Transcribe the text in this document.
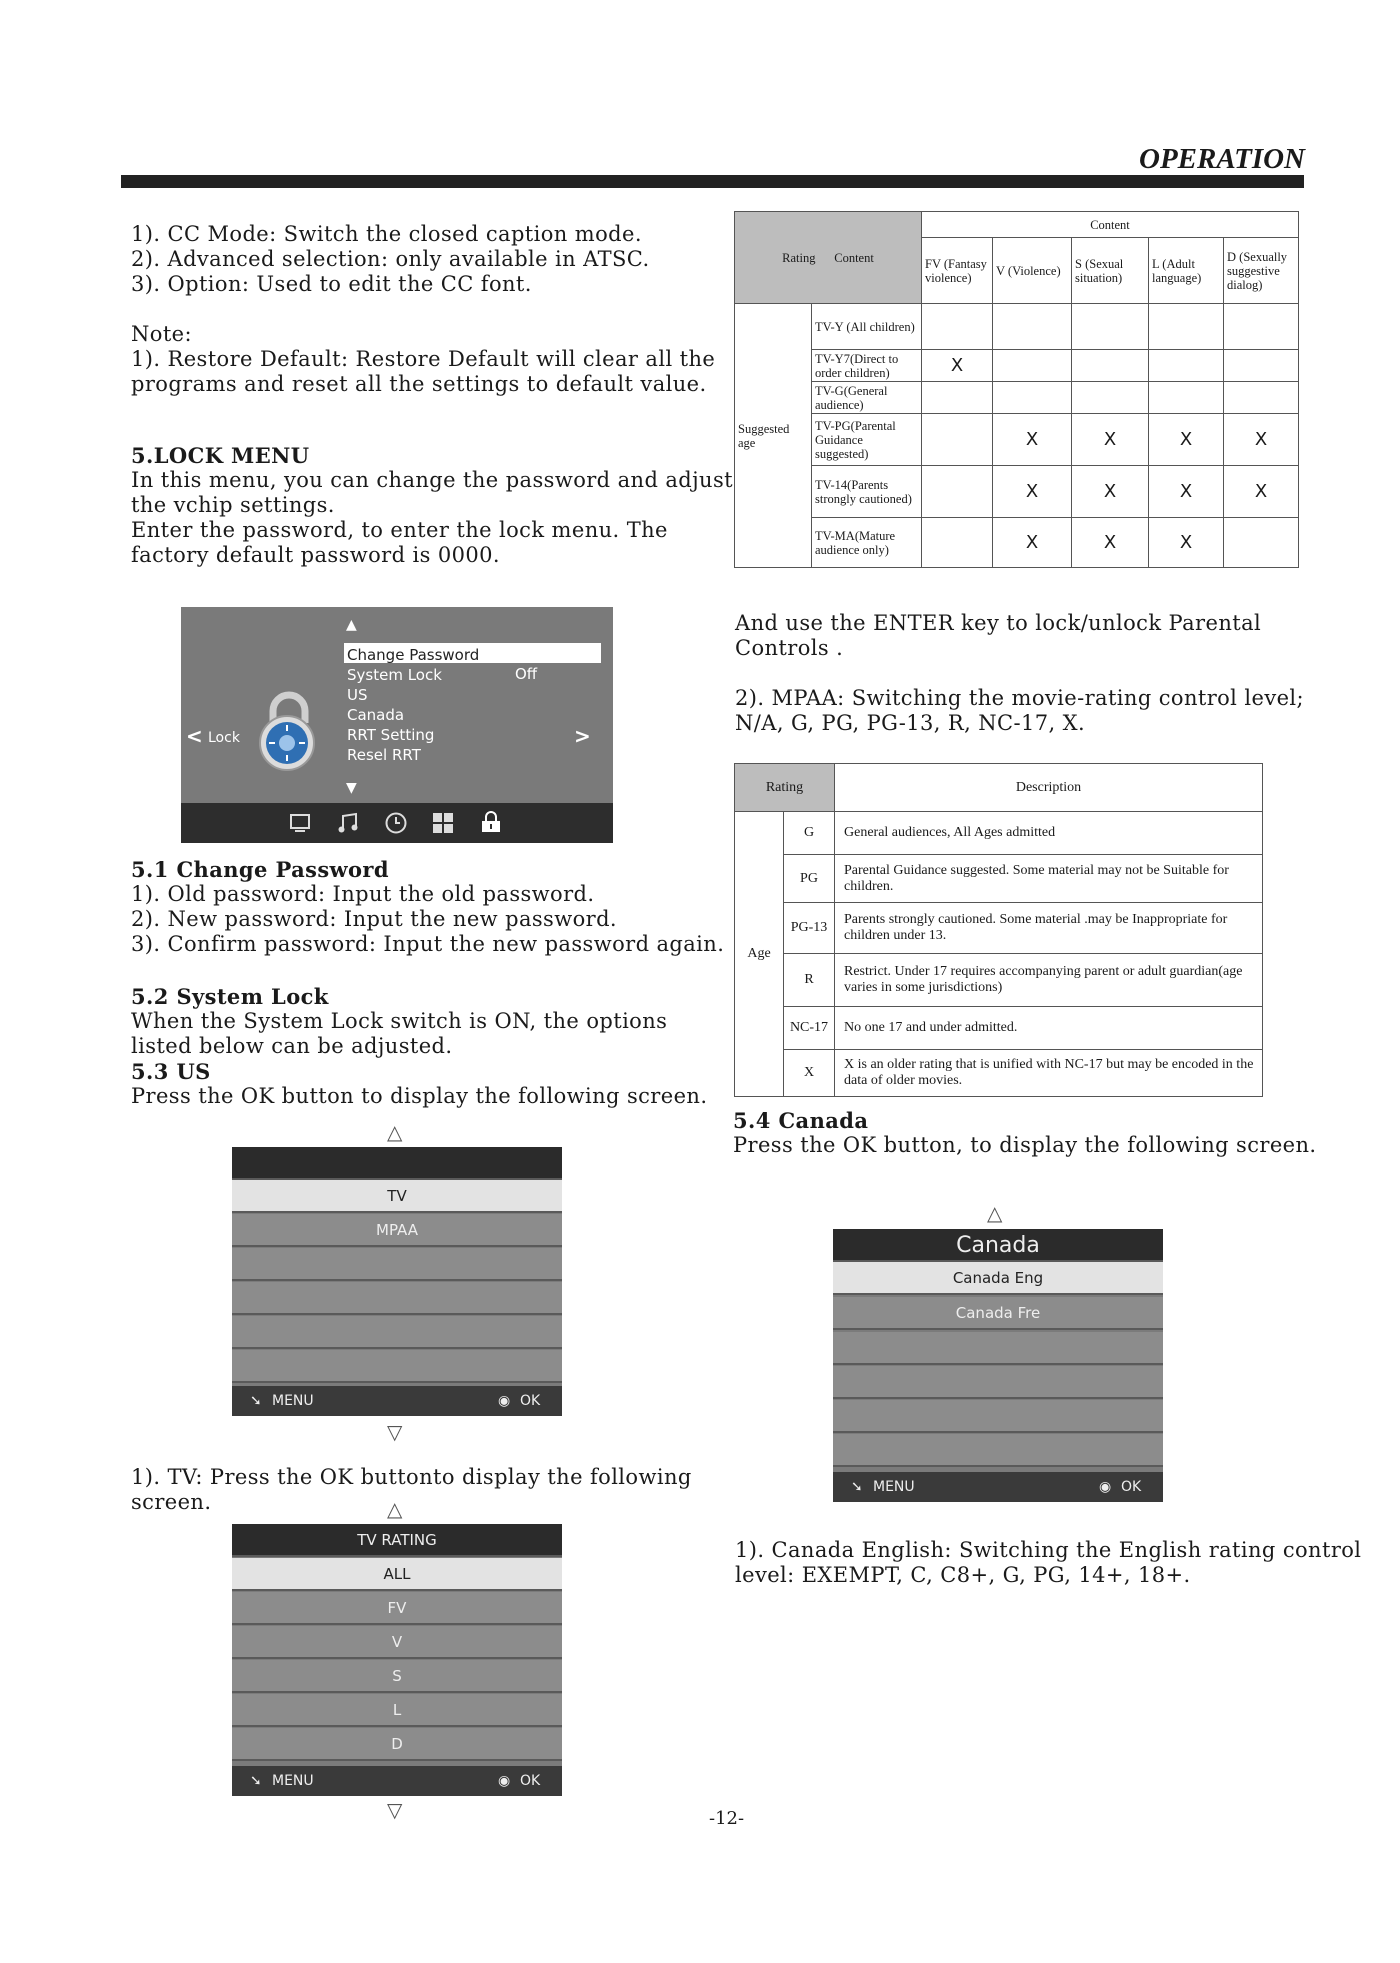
OPERATION
1). CC Mode: Switch the closed caption mode.
2). Advanced selection: only available in ATSC.
3). Option: Used to edit the CC font.
Note:
1). Restore Default: Restore Default will clear all the
programs and reset all the settings to default value.
5.LOCK MENU
In this menu, you can change the password and adjust
the vchip settings.
Enter the password, to enter the lock menu. The
factory default password is 0000.
▲
▼
Change Password
System Lock
US
Canada
RRT Setting
Resel RRT
Off
< Lock	>
5.1 Change Password
1). Old password: Input the old password.
2). New password: Input the new password.
3). Confirm password: Input the new password again.
5.2 System Lock
When the System Lock switch is ON, the options
listed below can be adjusted.
5.3 US
Press the OK button to display the following screen.
△
TV
MPAA
➘ MENU	◉ OK
▽
1). TV: Press the OK buttonto display the following
screen.	△
TV RATING
ALL
FV
V
S
L
D
➘ MENU	◉ OK
▽
Rating Content		Content				
		FV (Fantasy violence)	V (Violence)	S (Sexual situation)	L (Adult language)	D (Sexually suggestive dialog)
Suggested age	TV-Y (All children)					
	TV-Y7(Direct to order children)	X				
	TV-G(General audience)					
	TV-PG(Parental Guidance suggested)		X	X	X	X
	TV-14(Parents strongly cautioned)		X	X	X	X
	TV-MA(Mature audience only)		X	X	X	
And use the ENTER key to lock/unlock Parental
Controls .
2). MPAA: Switching the movie-rating control level;
N/A, G, PG, PG-13, R, NC-17, X.
Rating		Description
Age	G	General audiences, All Ages admitted
	PG	Parental Guidance suggested. Some material may not be Suitable for children.
	PG-13	Parents strongly cautioned. Some material .may be Inappropriate for children under 13.
	R	Restrict. Under 17 requires accompanying parent or adult guardian(age varies in some jurisdictions)
	NC-17	No one 17 and under admitted.
	X	X is an older rating that is unified with NC-17 but may be encoded in the data of older movies.
5.4 Canada
Press the OK button, to display the following screen.
△
Canada
Canada Eng
Canada Fre
➘ MENU	◉ OK
1). Canada English: Switching the English rating control
level: EXEMPT, C, C8+, G, PG, 14+, 18+.
-12-
